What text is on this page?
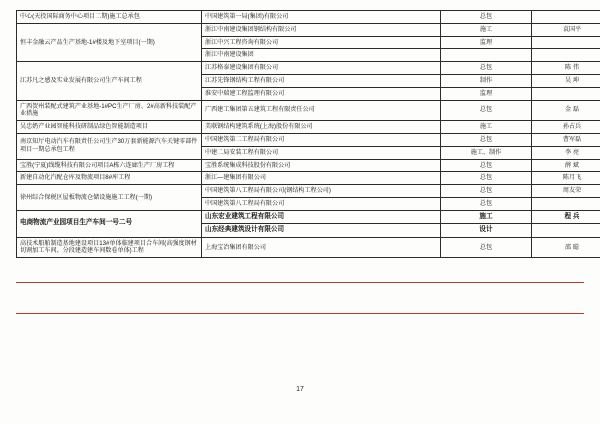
中心(天投国际商务中心项目二期)施工总承包	中国建筑第一局(集团)有限公司	总包	
恒丰金融云产品生产基地-1#楼及地下室项目(一期)	浙江中南建设集团钢结构有限公司	施工	袁国平
	浙江中兴工程咨询有限公司	监理	
	浙江中南建设集团		
江苏凡之感及实业发展有限公司生产车间工程	江苏格泰建设集团有限公司	总包	陈 伟
	江苏先锋钢结构工程有限公司	制作	吴 坤
	淮安中瑞建工程监理有限公司	监理	
广西贺州装配式建筑产业基地-1#PC生产厂房、2#高新科技装配产业措施	广西建工集团第五建筑工程有限责任公司	总包	金 磊
吴忠奶产业园智能科技研制品绿色智能制造项目	美联钢结构建筑系统(上海)股份有限公司	施工	孙占兵
南京知厅电动汽车有限责任公司生产30万套新能源汽车关键零部件项目一期总承包工程	中国建筑第二工程局有限公司	总包	曹军磊
	中建二局安装工程有限公司	施工、制作	李 亮
宝胜(宁夏)线缆科技有限公司项目A栋六连廊生产厂房工程	宝胜系统集成科技股份有限公司	总包	薛 斌
新建自动化汽配仓库及物流项目8#库工程	浙江—建集团有限公司	总包	陈月飞
徐州综合保税区屋板物流仓储设施施工工程(一期)	中国建筑第八工程局有限公司(钢结构工程公司)	总包	周友荣
	中国建筑第八工程局有限公司	总包	
电商物流产业园项目生产车间一号二号	山东宏业建筑工程有限公司	施工	程 兵
	山东经典建筑设计有限公司	设计	
高技术船舶制造基地建设项目13#单体临建项目合车间(高强度钢材切割加工车间、分段建造建车间数卷单体)工程	上海宝冶集团有限公司	总包	邵 聪
17
